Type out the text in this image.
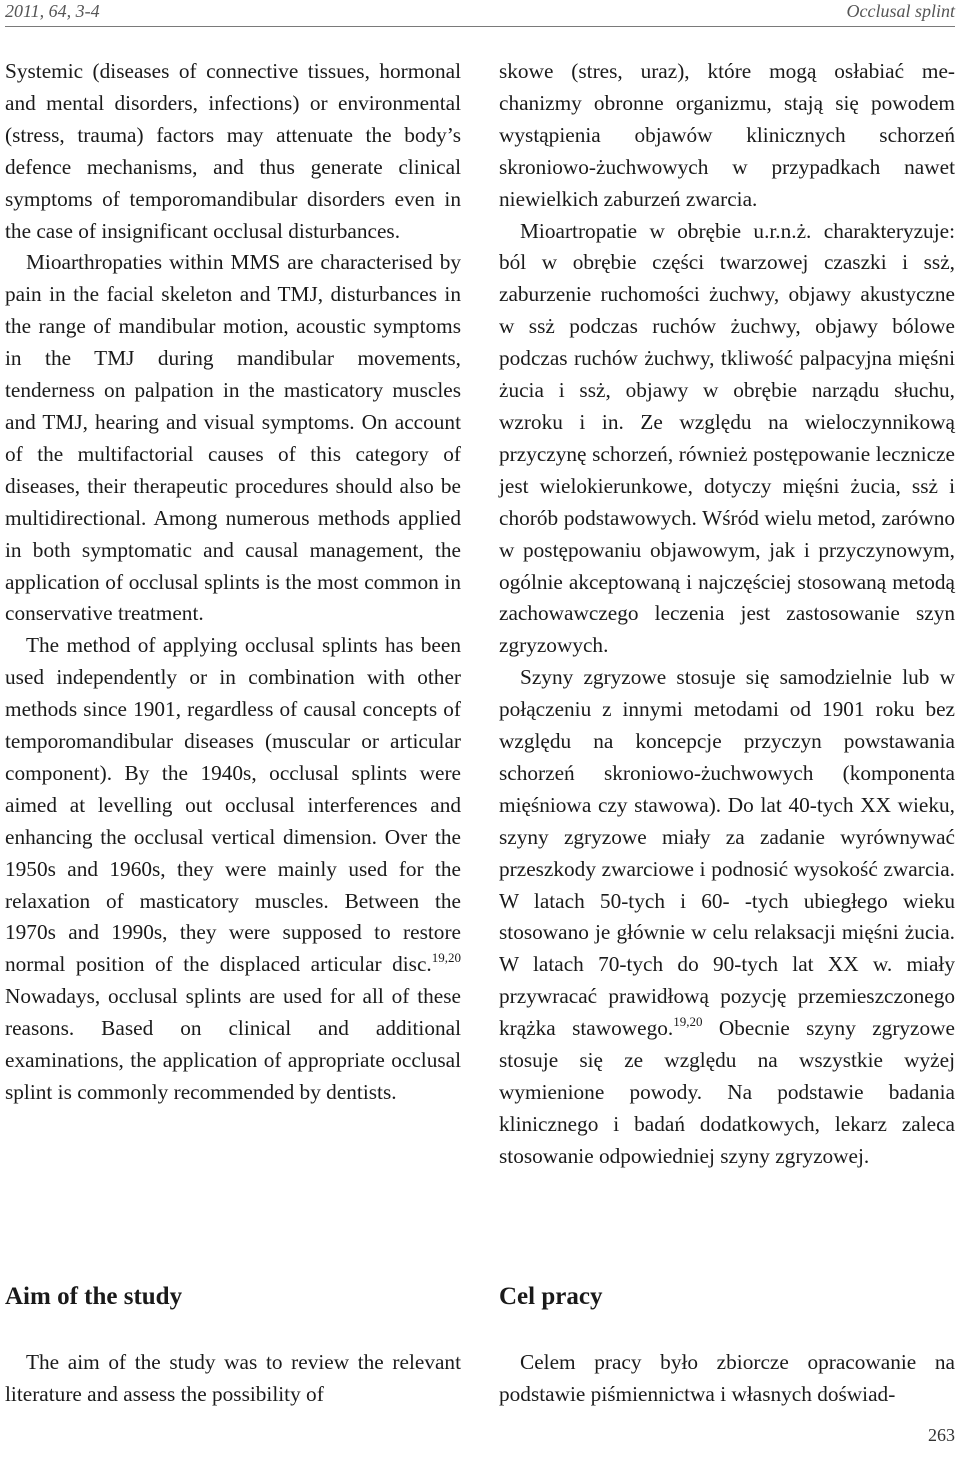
2011, 64, 3-4	Occlusal splint

Systemic (diseases of connective tissues, hormonal and mental disorders, infections) or environmental (stress, trauma) factors may attenuate the body’s defence mechanisms, and thus generate clinical symptoms of temporomandibular disorders even in the case of insignificant occlusal disturbances.

Mioarthropaties within MMS are characterised by pain in the facial skeleton and TMJ, disturbances in the range of mandibular motion, acoustic symptoms in the TMJ during mandibular movements, tenderness on palpation in the masticatory muscles and TMJ, hearing and visual symptoms. On account of the multifactorial causes of this category of diseases, their therapeutic procedures should also be multidirectional. Among numerous methods applied in both symptomatic and causal management, the application of occlusal splints is the most common in conservative treatment.

The method of applying occlusal splints has been used independently or in combination with other methods since 1901, regardless of causal concepts of temporomandibular diseases (muscular or articular component). By the 1940s, occlusal splints were aimed at levelling out occlusal interferences and enhancing the occlusal vertical dimension. Over the 1950s and 1960s, they were mainly used for the relaxation of masticatory muscles. Between the 1970s and 1990s, they were supposed to restore normal position of the displaced articular disc.$^{19,20}$ Nowadays, occlusal splints are used for all of these reasons. Based on clinical and additional examinations, the application of appropriate occlusal splint is commonly recommended by dentists.

Aim of the study

The aim of the study was to review the relevant literature and assess the possibility of

skowe (stres, uraz), które mogą osłabiać mechanizmy obronne organizmu, stają się powodem wystąpienia objawów klinicznych schorzeń skroniowo-żuchwowych w przypadkach nawet niewielkich zaburzeń zwarcia.

Mioartropatie w obrębie u.r.n.ż. charakteryzuje: ból w obrębie części twarzowej czaszki i ssż, zaburzenie ruchomości żuchwy, objawy akustyczne w ssż podczas ruchów żuchwy, objawy bólowe podczas ruchów żuchwy, tkliwość palpacyjna mięśni żucia i ssż, objawy w obrębie narządu słuchu, wzroku i in. Ze względu na wieloczynnikową przyczynę schorzeń, również postępowanie lecznicze jest wielokierunkowe, dotyczy mięśni żucia, ssż i chorób podstawowych. Wśród wielu metod, zarówno w postępowaniu objawowym, jak i przyczynowym, ogólnie akceptowaną i najczęściej stosowaną metodą zachowawczego leczenia jest zastosowanie szyn zgryzowych.

Szyny zgryzowe stosuje się samodzielnie lub w połączeniu z innymi metodami od 1901 roku bez względu na koncepcje przyczyn powstawania schorzeń skroniowo-żuchwowych (komponenta mięśniowa czy stawowa). Do lat 40-tych XX wieku, szyny zgryzowe miały za zadanie wyrównywać przeszkody zwarciowe i podnosić wysokość zwarcia. W latach 50-tych i 60- -tych ubiegłego wieku stosowano je głównie w celu relaksacji mięśni żucia. W latach 70-tych do 90-tych lat XX w. miały przywracać prawidłową pozycję przemieszczonego krążka stawowego.$^{19,20}$ Obecnie szyny zgryzowe stosuje się ze względu na wszystkie wyżej wymienione powody. Na podstawie badania klinicznego i badań dodatkowych, lekarz zaleca stosowanie odpowiedniej szyny zgryzowej.

Cel pracy

Celem pracy było zbiorcze opracowanie na podstawie piśmiennictwa i własnych doświad-

263
